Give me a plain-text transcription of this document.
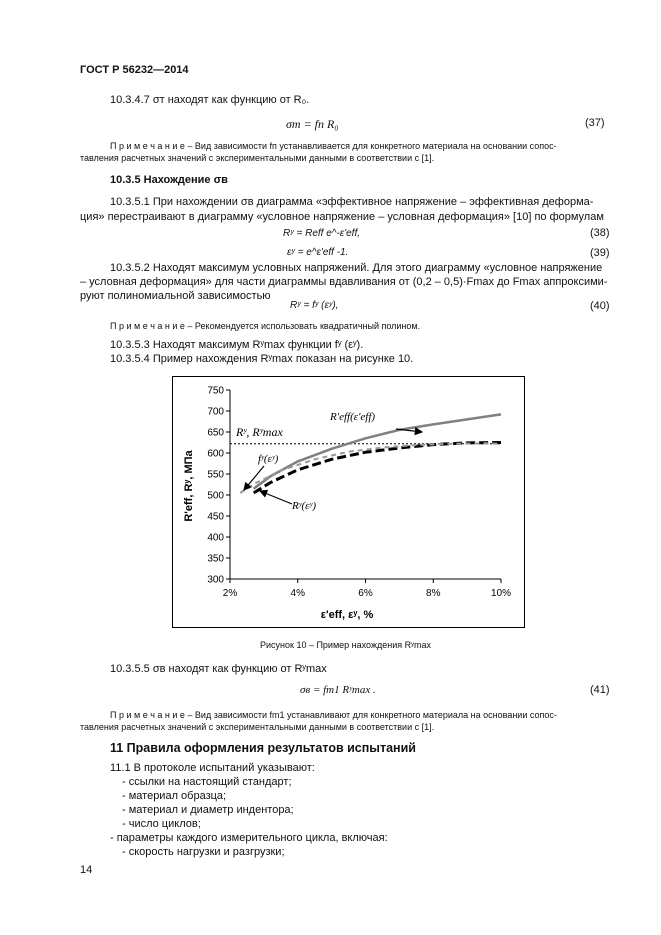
ГОСТ Р 56232—2014
10.3.4.7 σт находят как функцию от R₀.
σт = fп R₀	(37)
П р и м е ч а н и е – Вид зависимости fп устанавливается для конкретного материала на основании сопос-
тавления расчетных значений с экспериментальными данными в соответствии с [1].
10.3.5 Нахождение σв
10.3.5.1 При нахождении σв диаграмма «эффективное напряжение – эффективная деформа-
ция» перестраивают в диаграмму «условное напряжение – условная деформация» [10] по формулам
Rʸ = Reff e^-ε'eff,	(38)
εʸ = e^ε'eff -1.	(39)
10.3.5.2 Находят максимум условных напряжений. Для этого диаграмму «условное напряжение
– условная деформация» для части диаграммы вдавливания от (0,2 – 0,5)·Fmax до Fmax аппроксими-
руют полиномиальной зависимостью
Rʸ = fʸ (εʸ),	(40)
П р и м е ч а н и е – Рекомендуется использовать квадратичный полином.
10.3.5.3 Находят максимум Rʸmax функции fʸ (εʸ).
10.3.5.4 Пример нахождения Rʸmax показан на рисунке 10.
300
350
400
450
500
550
600
650
700
750
2%	4%	6%	8%	10%
Rʸ, Rʸmax
R'eff(ε'eff)
fʸ(εʸ)
Rʸ(εʸ)
ε'eff, εʸ, %
R'eff, Rʸ, МПа
Рисунок 10 – Пример нахождения Rʸmax
10.3.5.5 σв находят как функцию от Rʸmax
σв = fm1 Rʸmax .	(41)
П р и м е ч а н и е – Вид зависимости fm1 устанавливают для конкретного материала на основании сопос-
тавления расчетных значений с экспериментальными данными в соответствии с [1].
11 Правила оформления результатов испытаний
11.1 В протоколе испытаний указывают:
- ссылки на настоящий стандарт;
- материал образца;
- материал и диаметр индентора;
- число циклов;
- параметры каждого измерительного цикла, включая:
- скорость нагрузки и разгрузки;
14
